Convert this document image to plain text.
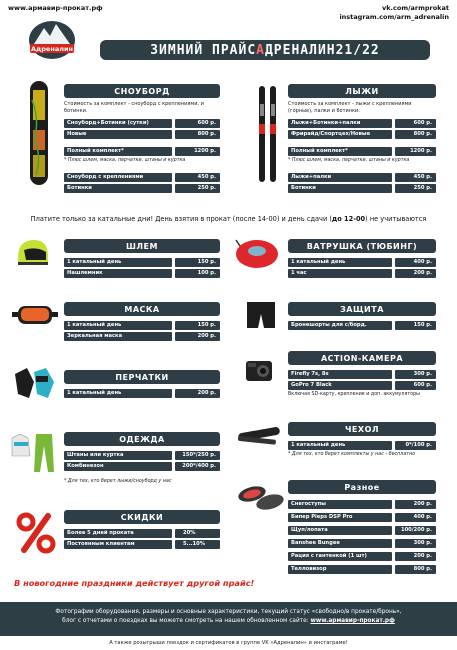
www.армавир-прокат.рф	vk.com/armprokat
instagram.com/arm_adrenalin
Адреналин	ЗИМНИЙ ПРАЙС А ДРЕНАЛИН 21/22
СНОУБОРД
Стоимость за комплект - сноуборд с креплениями, и ботинки.
Сноуборд+Ботинки (сутки)	600 р.
Новые	800 р.
Полный комплект*	1200 р.
* Плюс шлем, маска, перчатки, штаны и куртка
Сноуборд с креплениями	450 р.
Ботинки	250 р.
ЛЫЖИ
Стоимость за комплект - лыжи с креплениями (горные), палки и ботинки.
Лыжи+Ботинки+палки	600 р.
Фрирайд/Спортцех/Новые	800 р.
Полный комплект*	1200 р.
* Плюс шлем, маска, перчатки, штаны и куртка
Лыжи+палки	450 р.
Ботинки	250 р.
Платите только за катальные дни! День взятия в прокат (после 14-00) и день сдачи (до 12-00) не учитываются
ШЛЕМ
1 катальный день	150 р.
Нашлемник	100 р.
ВАТРУШКА (ТЮБИНГ)
1 катальный день	400 р.
1 час	200 р.
МАСКА
1 катальный день	150 р.
Зеркальная маска	200 р.
ЗАЩИТА
Бронешорты для с/борд.	150 р.
ПЕРЧАТКИ
1 катальный день	200 р.
ACTION-КАМЕРА
Firefly 7s, 8s	300 р.
GoPro 7 Black	600 р.
Включая SD-карту, крепление и доп. аккумуляторы
ОДЕЖДА
Штаны или куртка	150*/250 р.
Комбинезон	200*/400 р.
* Для тех, кто берет лыжи/сноуборд у нас
ЧЕХОЛ
1 катальный день	0*/100 р.
* Для тех, кто берет комплекты у нас - бесплатно
СКИДКИ
Более 5 дней проката	20%
Постоянным клиентам	5...10%
Разное
Снегоступы	200 р.
Бипер Pieps DSP Pro	400 р.
Щуп/лопата	100/200 р.
Banshee Bungee	300 р.
Рация с гантенкой (1 шт)	200 р.
Телловизор	800 р.
В новогодние праздники действует другой прайс!
Фотографии оборудования, размеры и основные характеристики, текущий статус «свободно/в прокате/бронь»,
блог с отчетами о поездках вы можете смотреть на нашем обновленном сайте: www.армавир-прокат.рф
А также розыгрыши поездок и сертификатов в группе VK «Адреналин» и инстаграме!
